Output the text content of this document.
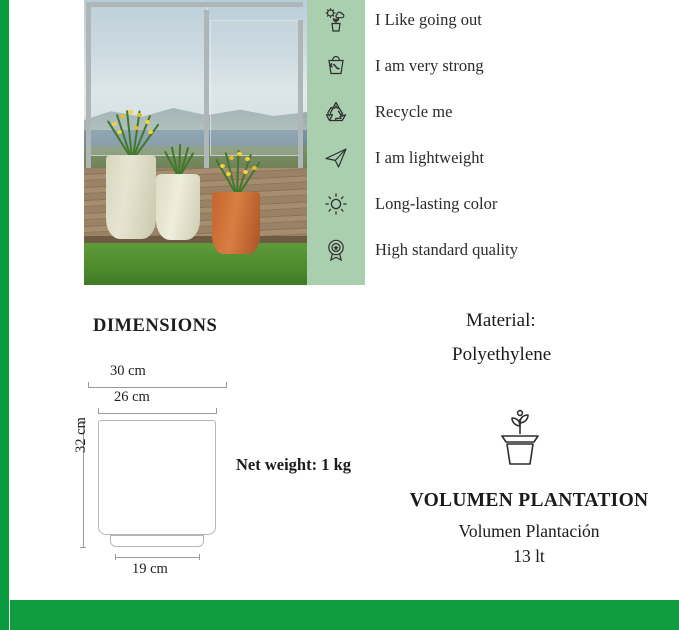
I Like going out
I am very strong
Recycle me
I am lightweight
Long-lasting color
High standard quality
DIMENSIONS
30 cm
26 cm
32 cm
19 cm
Net weight: 1 kg
Material:
Polyethylene
VOLUMEN PLANTATION
Volumen Plantación
13 lt
